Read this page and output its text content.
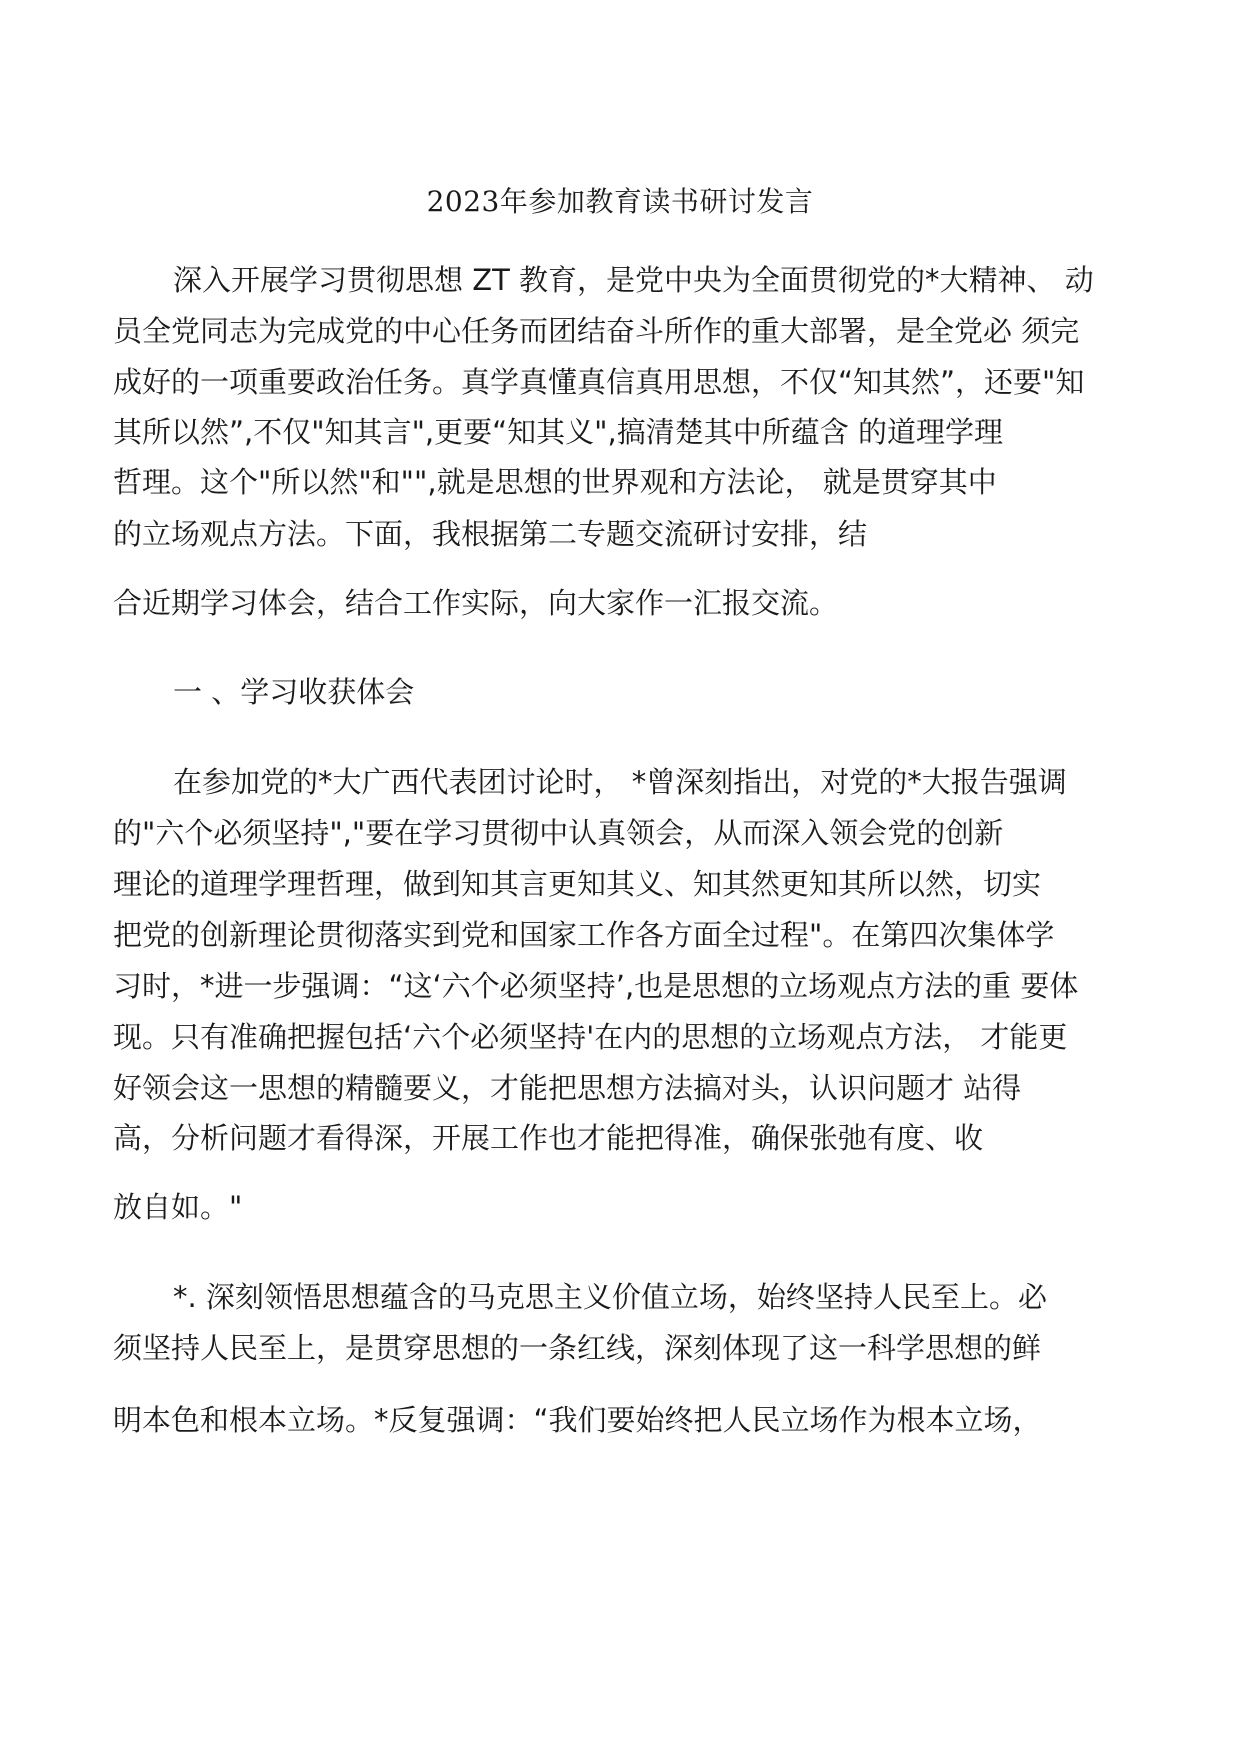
2023年参加教育读书研讨发言

深入开展学习贯彻思想 ZT 教育，是党中央为全面贯彻党的*大精神、 动

员全党同志为完成党的中心任务而团结奋斗所作的重大部署，是全党必 须完

成好的一项重要政治任务。真学真懂真信真用思想，不仅“知其然”，还要"知

其所以然”,不仅"知其言",更要“知其义",搞清楚其中所蕴含 的道理学理

哲理。这个"所以然"和"",就是思想的世界观和方法论， 就是贯穿其中

的立场观点方法。下面，我根据第二专题交流研讨安排，结

合近期学习体会，结合工作实际，向大家作一汇报交流。

一 、学习收获体会

在参加党的*大广西代表团讨论时， *曾深刻指出，对党的*大报告强调

的"六个必须坚持","要在学习贯彻中认真领会，从而深入领会党的创新

理论的道理学理哲理，做到知其言更知其义、知其然更知其所以然，切实

把党的创新理论贯彻落实到党和国家工作各方面全过程"。在第四次集体学

习时，*进一步强调：“这‘六个必须坚持’,也是思想的立场观点方法的重 要体

现。只有准确把握包括‘六个必须坚持'在内的思想的立场观点方法， 才能更

好领会这一思想的精髓要义，才能把思想方法搞对头，认识问题才 站得

高，分析问题才看得深，开展工作也才能把得准，确保张弛有度、收

放自如。"

*. 深刻领悟思想蕴含的马克思主义价值立场，始终坚持人民至上。必

须坚持人民至上，是贯穿思想的一条红线，深刻体现了这一科学思想的鲜

明本色和根本立场。*反复强调：“我们要始终把人民立场作为根本立场，
